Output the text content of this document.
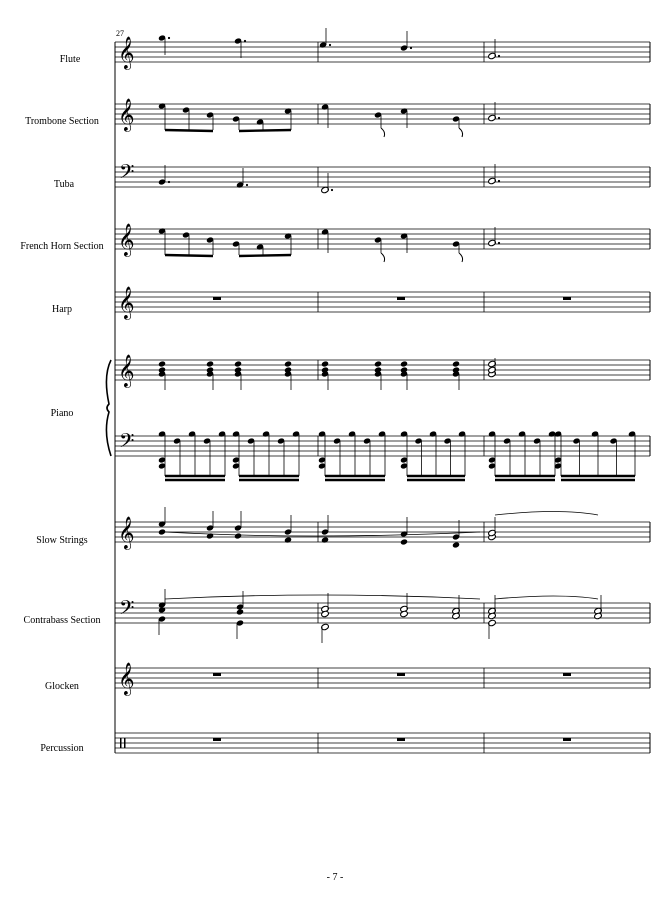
27
Flute
Trombone Section
Tuba
French Horn Section
Harp
Piano
Slow Strings
Contrabass Section
Glocken
Percussion
𝄞
𝄞
𝄢
𝄞
𝄞
𝄞
𝄢
𝄞
𝄢
𝄞
- 7 -
